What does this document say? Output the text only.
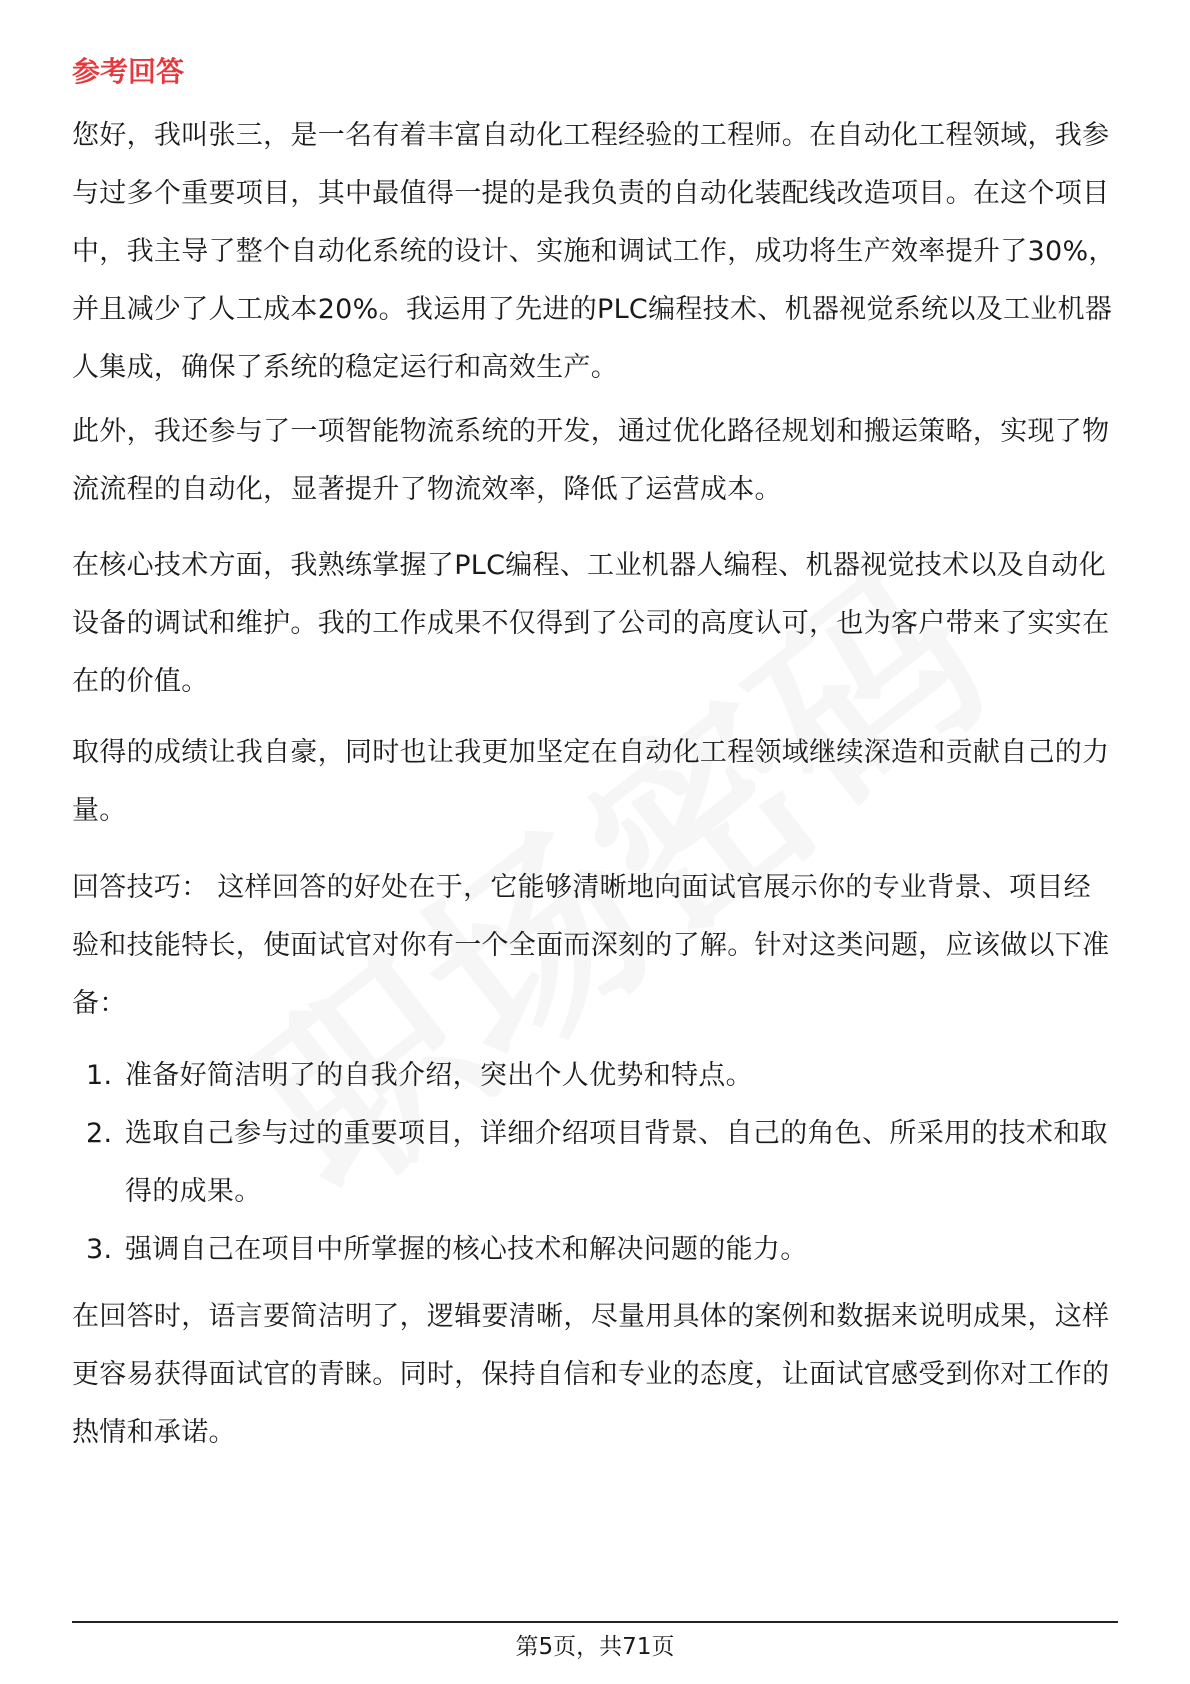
参考回答

您好，我叫张三，是一名有着丰富自动化工程经验的工程师。在自动化工程领域，我参与过多个重要项目，其中最值得一提的是我负责的自动化装配线改造项目。在这个项目中，我主导了整个自动化系统的设计、实施和调试工作，成功将生产效率提升了30%，并且减少了人工成本20%。我运用了先进的PLC编程技术、机器视觉系统以及工业机器人集成，确保了系统的稳定运行和高效生产。

此外，我还参与了一项智能物流系统的开发，通过优化路径规划和搬运策略，实现了物流流程的自动化，显著提升了物流效率，降低了运营成本。

在核心技术方面，我熟练掌握了PLC编程、工业机器人编程、机器视觉技术以及自动化设备的调试和维护。我的工作成果不仅得到了公司的高度认可，也为客户带来了实实在在的价值。

取得的成绩让我自豪，同时也让我更加坚定在自动化工程领域继续深造和贡献自己的力量。

回答技巧： 这样回答的好处在于，它能够清晰地向面试官展示你的专业背景、项目经验和技能特长，使面试官对你有一个全面而深刻的了解。针对这类问题，应该做以下准备：

1. 准备好简洁明了的自我介绍，突出个人优势和特点。
2. 选取自己参与过的重要项目，详细介绍项目背景、自己的角色、所采用的技术和取得的成果。
3. 强调自己在项目中所掌握的核心技术和解决问题的能力。

在回答时，语言要简洁明了，逻辑要清晰，尽量用具体的案例和数据来说明成果，这样更容易获得面试官的青睐。同时，保持自信和专业的态度，让面试官感受到你对工作的热情和承诺。

第5页，共71页
